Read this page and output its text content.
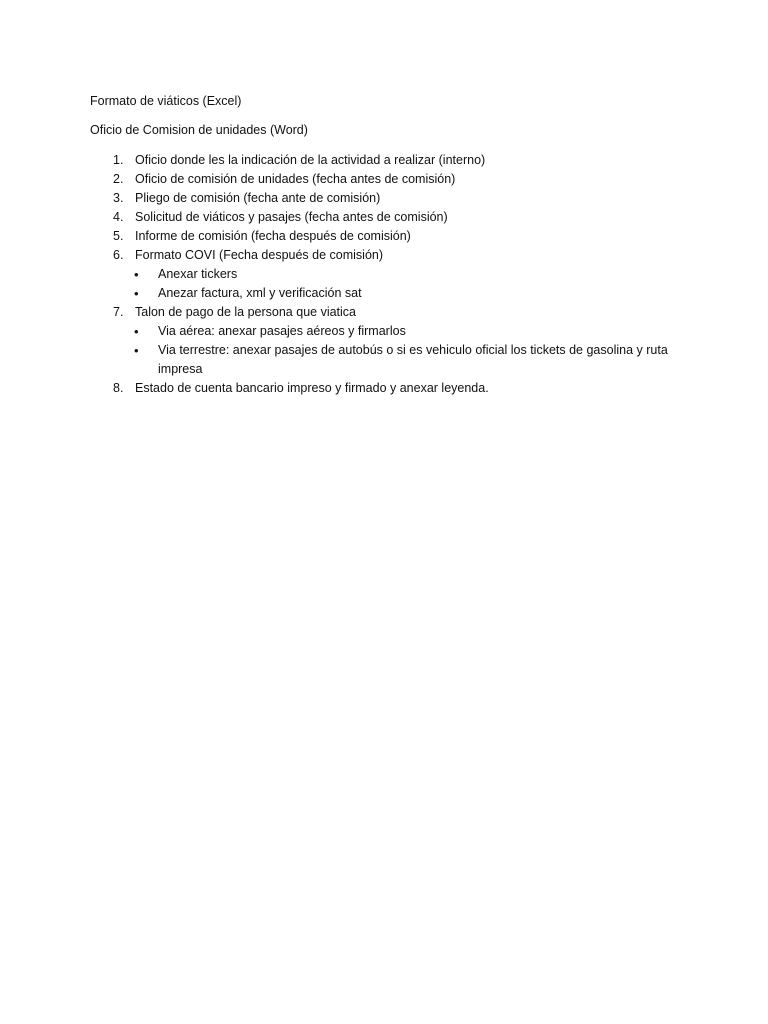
Formato de viáticos (Excel)
Oficio de Comision de unidades (Word)
1. Oficio donde les la indicación de la actividad a realizar (interno)
2. Oficio de comisión de unidades (fecha antes de comisión)
3. Pliego de comisión (fecha ante de comisión)
4. Solicitud de viáticos y pasajes (fecha antes de comisión)
5. Informe de comisión (fecha después de comisión)
6. Formato COVI (Fecha después de comisión)
• Anexar tickers
• Anezar factura, xml y verificación sat
7. Talon de pago de la persona que viatica
• Via aérea: anexar pasajes aéreos y firmarlos
• Via terrestre: anexar pasajes de autobús o si es vehiculo oficial los tickets de gasolina y ruta impresa
8. Estado de cuenta bancario impreso y firmado y anexar leyenda.
